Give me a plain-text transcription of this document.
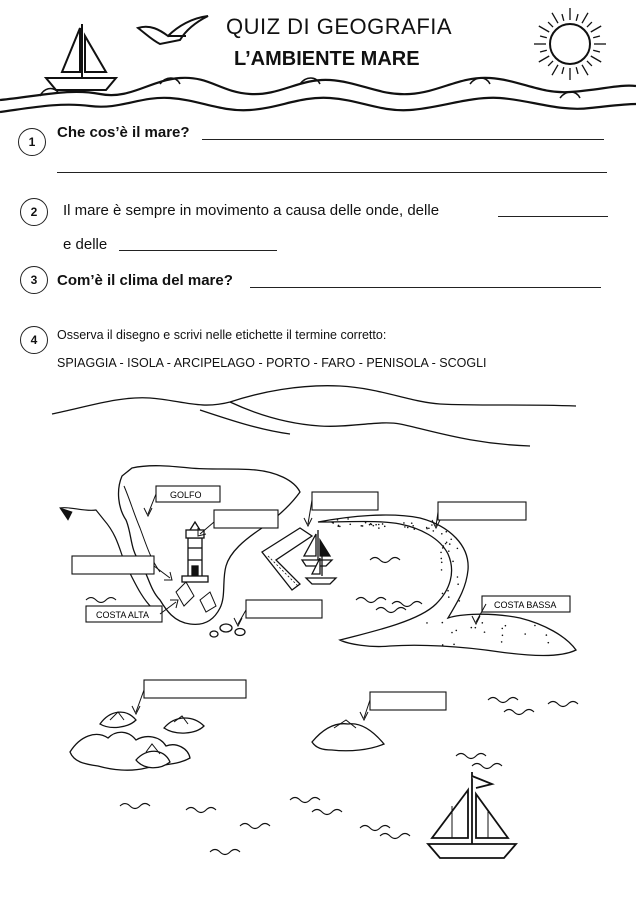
QUIZ DI GEOGRAFIA
L’AMBIENTE MARE
1
Che cos’è il mare?
2	Il mare è sempre in movimento a causa delle onde, delle
e delle
3	Com’è il clima del mare?
4	Osserva il disegno e scrivi nelle etichette il termine corretto:
SPIAGGIA - ISOLA - ARCIPELAGO - PORTO - FARO - PENISOLA - SCOGLI
GOLFO
COSTA ALTA
COSTA BASSA
